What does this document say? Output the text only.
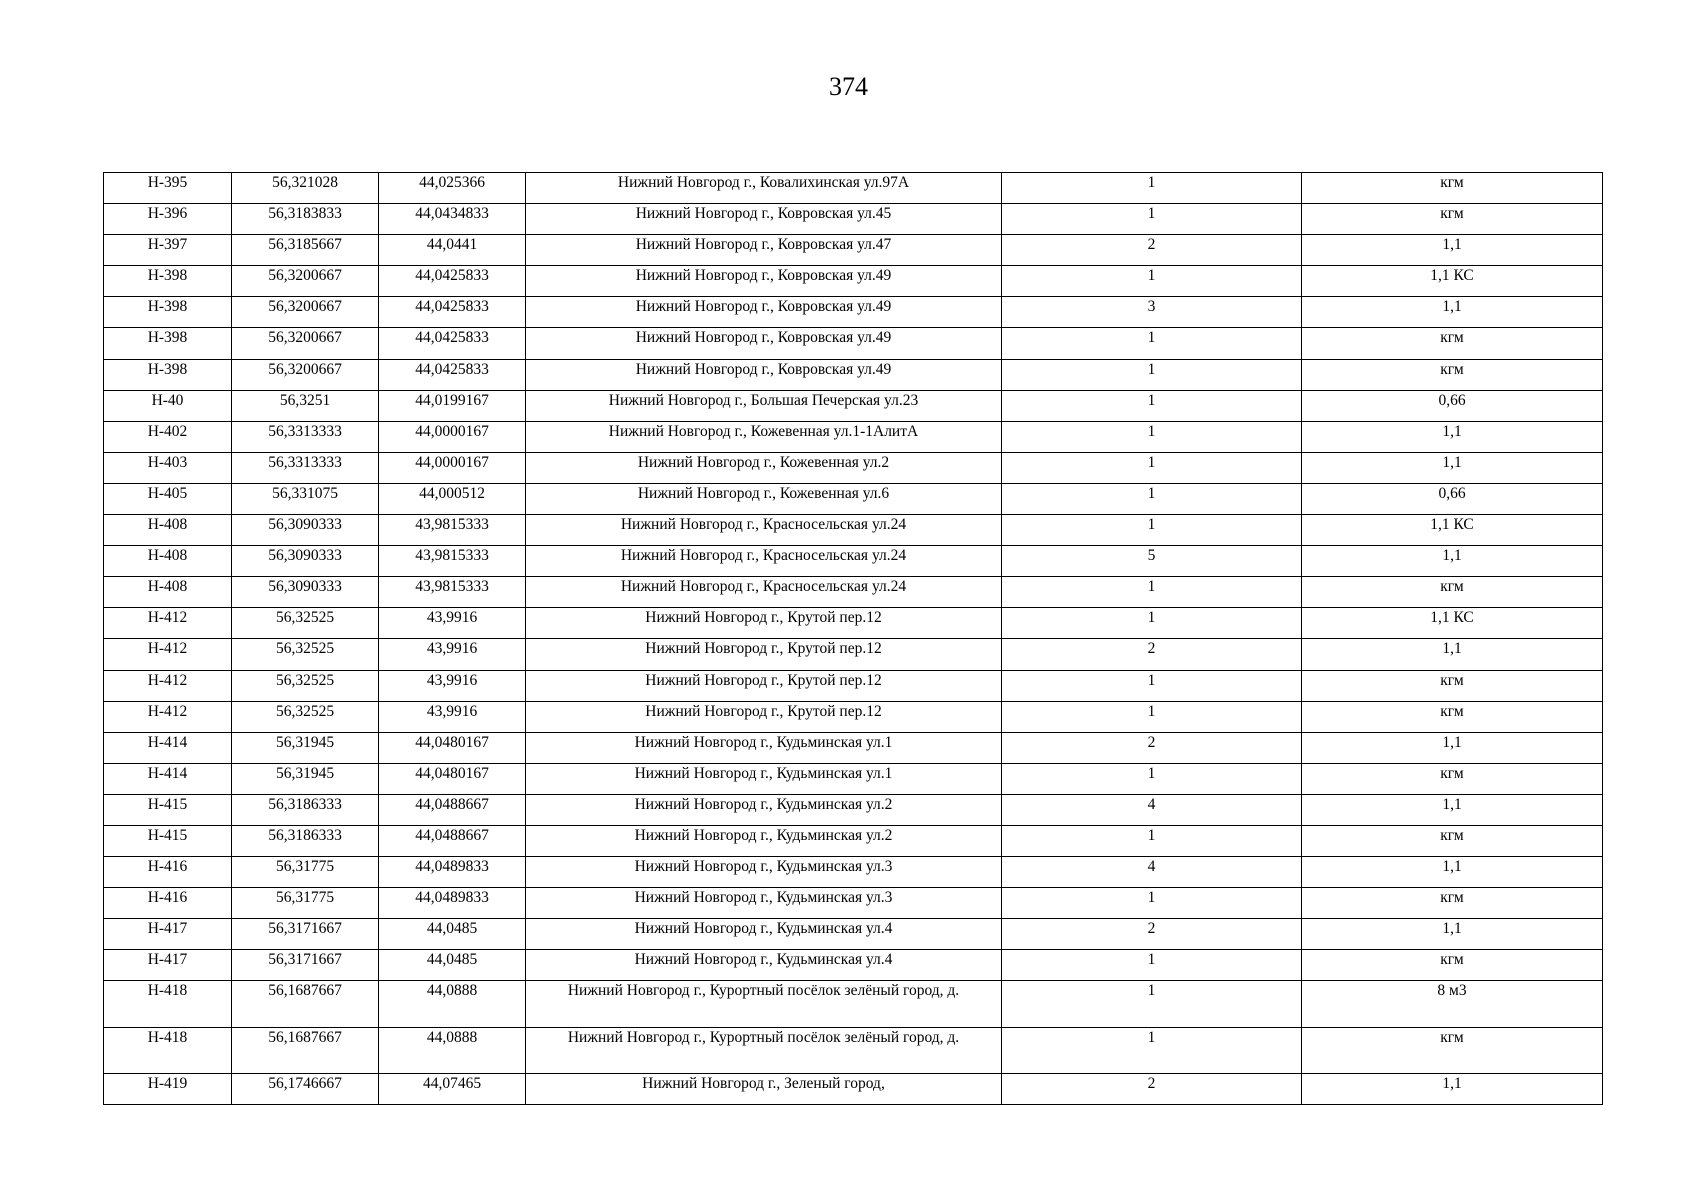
374
Н-395	56,321028	44,025366	Нижний Новгород г., Ковалихинская ул.97А	1	кгм
Н-396	56,3183833	44,0434833	Нижний Новгород г., Ковровская ул.45	1	кгм
Н-397	56,3185667	44,0441	Нижний Новгород г., Ковровская ул.47	2	1,1
Н-398	56,3200667	44,0425833	Нижний Новгород г., Ковровская ул.49	1	1,1 КС
Н-398	56,3200667	44,0425833	Нижний Новгород г., Ковровская ул.49	3	1,1
Н-398	56,3200667	44,0425833	Нижний Новгород г., Ковровская ул.49	1	кгм
Н-398	56,3200667	44,0425833	Нижний Новгород г., Ковровская ул.49	1	кгм
Н-40	56,3251	44,0199167	Нижний Новгород г., Большая Печерская ул.23	1	0,66
Н-402	56,3313333	44,0000167	Нижний Новгород г., Кожевенная ул.1-1АлитА	1	1,1
Н-403	56,3313333	44,0000167	Нижний Новгород г., Кожевенная ул.2	1	1,1
Н-405	56,331075	44,000512	Нижний Новгород г., Кожевенная ул.6	1	0,66
Н-408	56,3090333	43,9815333	Нижний Новгород г., Красносельская ул.24	1	1,1 КС
Н-408	56,3090333	43,9815333	Нижний Новгород г., Красносельская ул.24	5	1,1
Н-408	56,3090333	43,9815333	Нижний Новгород г., Красносельская ул.24	1	кгм
Н-412	56,32525	43,9916	Нижний Новгород г., Крутой пер.12	1	1,1 КС
Н-412	56,32525	43,9916	Нижний Новгород г., Крутой пер.12	2	1,1
Н-412	56,32525	43,9916	Нижний Новгород г., Крутой пер.12	1	кгм
Н-412	56,32525	43,9916	Нижний Новгород г., Крутой пер.12	1	кгм
Н-414	56,31945	44,0480167	Нижний Новгород г., Кудьминская ул.1	2	1,1
Н-414	56,31945	44,0480167	Нижний Новгород г., Кудьминская ул.1	1	кгм
Н-415	56,3186333	44,0488667	Нижний Новгород г., Кудьминская ул.2	4	1,1
Н-415	56,3186333	44,0488667	Нижний Новгород г., Кудьминская ул.2	1	кгм
Н-416	56,31775	44,0489833	Нижний Новгород г., Кудьминская ул.3	4	1,1
Н-416	56,31775	44,0489833	Нижний Новгород г., Кудьминская ул.3	1	кгм
Н-417	56,3171667	44,0485	Нижний Новгород г., Кудьминская ул.4	2	1,1
Н-417	56,3171667	44,0485	Нижний Новгород г., Кудьминская ул.4	1	кгм
Н-418	56,1687667	44,0888	Нижний Новгород г., Курортный посёлок зелёный город, д.	1	8 м3
Н-418	56,1687667	44,0888	Нижний Новгород г., Курортный посёлок зелёный город, д.	1	кгм
Н-419	56,1746667	44,07465	Нижний Новгород г., Зеленый город,	2	1,1
